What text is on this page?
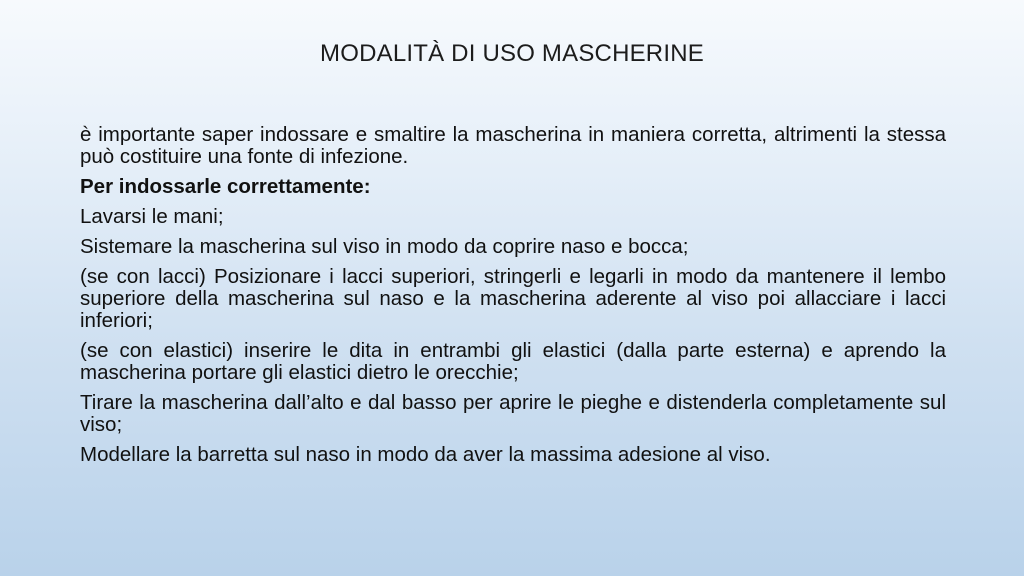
MODALITÀ DI USO MASCHERINE

è importante saper indossare e smaltire la mascherina in maniera corretta, altrimenti la stessa può costituire una fonte di infezione.

Per indossarle correttamente:

Lavarsi le mani;

Sistemare la mascherina sul viso in modo da coprire naso e bocca;

(se con lacci) Posizionare i lacci superiori, stringerli e legarli in modo da mantenere il lembo superiore della mascherina sul naso e la mascherina aderente al viso poi allacciare i lacci inferiori;

(se con elastici) inserire le dita in entrambi gli elastici (dalla parte esterna) e aprendo la mascherina portare gli elastici dietro le orecchie;

Tirare la mascherina dall’alto e dal basso per aprire le pieghe e distenderla completamente sul viso;

Modellare la barretta sul naso in modo da aver la massima adesione al viso.
